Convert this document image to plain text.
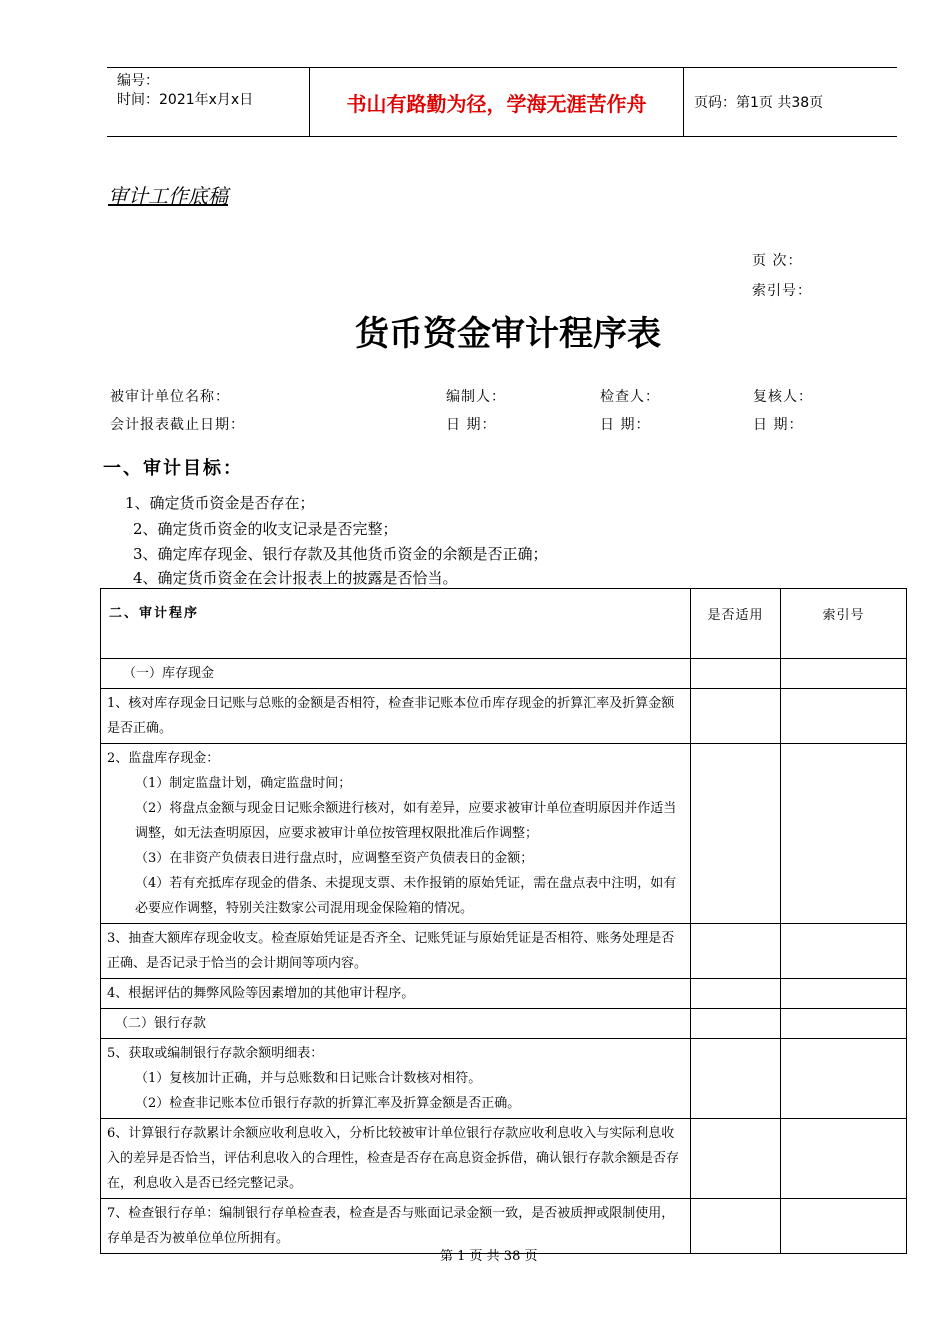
编号：
时间：2021年x月x日	书山有路勤为径，学海无涯苦作舟	页码：第1页 共38页
审计工作底稿
页 次：
索引号：
货币资金审计程序表
被审计单位名称：	编制人：	检查人：	复核人：
会计报表截止日期：	日 期：	日 期：	日 期：
一、审计目标：
1、确定货币资金是否存在；
2、确定货币资金的收支记录是否完整；
3、确定库存现金、银行存款及其他货币资金的余额是否正确；
4、确定货币资金在会计报表上的披露是否恰当。
二、审计程序	是否适用	索引号
（一）库存现金		
1、核对库存现金日记账与总账的金额是否相符，检查非记账本位币库存现金的折算汇率及折算金额是否正确。		
2、监盘库存现金：
（1）制定监盘计划，确定监盘时间；
（2）将盘点金额与现金日记账余额进行核对，如有差异，应要求被审计单位查明原因并作适当调整，如无法查明原因，应要求被审计单位按管理权限批准后作调整；
（3）在非资产负债表日进行盘点时，应调整至资产负债表日的金额；
（4）若有充抵库存现金的借条、未提现支票、未作报销的原始凭证，需在盘点表中注明，如有必要应作调整，特别关注数家公司混用现金保险箱的情况。		

3、抽查大额库存现金收支。检查原始凭证是否齐全、记账凭证与原始凭证是否相符、账务处理是否正确、是否记录于恰当的会计期间等项内容。		
4、根据评估的舞弊风险等因素增加的其他审计程序。		
（二）银行存款		
5、获取或编制银行存款余额明细表：
（1）复核加计正确，并与总账数和日记账合计数核对相符。
（2）检查非记账本位币银行存款的折算汇率及折算金额是否正确。		

6、计算银行存款累计余额应收利息收入，分析比较被审计单位银行存款应收利息收入与实际利息收入的差异是否恰当，评估利息收入的合理性，检查是否存在高息资金拆借，确认银行存款余额是否存在，利息收入是否已经完整记录。		
7、检查银行存单：编制银行存单检查表，检查是否与账面记录金额一致，是否被质押或限制使用，存单是否为被单位单位所拥有。		
第 1 页 共 38 页
